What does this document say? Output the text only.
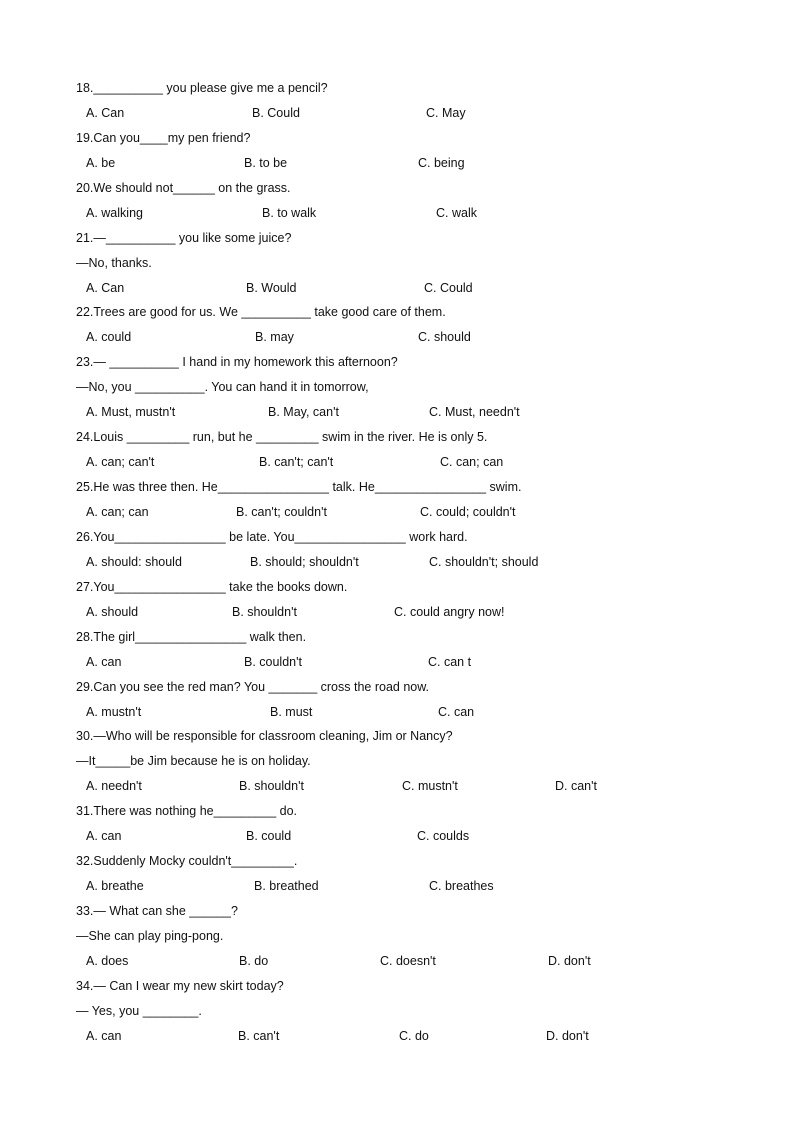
18.__________ you please give me a pencil?
A. Can	B. Could	C. May
19.Can you____my pen friend?
A. be	B. to be	C. being
20.We should not______ on the grass.
A. walking	B. to walk	C. walk
21.—__________ you like some juice?
—No, thanks.
A. Can	B. Would	C. Could
22.Trees are good for us. We __________ take good care of them.
A. could	B. may	C. should
23.— __________ I hand in my homework this afternoon?
—No, you __________. You can hand it in tomorrow,
A. Must, mustn't	B. May, can't	C. Must, needn't
24.Louis _________ run, but he _________ swim in the river. He is only 5.
A. can; can't	B. can't; can't	C. can; can
25.He was three then. He________________ talk. He________________ swim.
A. can; can	B. can't; couldn't	C. could; couldn't
26.You________________ be late. You________________ work hard.
A. should: should	B. should; shouldn't	C. shouldn't; should
27.You________________ take the books down.
A. should	B. shouldn't	C. could angry now!
28.The girl________________ walk then.
A. can	B. couldn't	C. can t
29.Can you see the red man? You _______ cross the road now.
A. mustn't	B. must	C. can
30.—Who will be responsible for classroom cleaning, Jim or Nancy?
—It_____be Jim because he is on holiday.
A. needn't	B. shouldn't	C. mustn't	D. can't
31.There was nothing he_________ do.
A. can	B. could	C. coulds
32.Suddenly Mocky couldn't_________.
A. breathe	B. breathed	C. breathes
33.— What can she ______?
—She can play ping-pong.
A. does	B. do	C. doesn't	D. don't
34.— Can I wear my new skirt today?
— Yes, you ________.
A. can	B. can't	C. do	D. don't
